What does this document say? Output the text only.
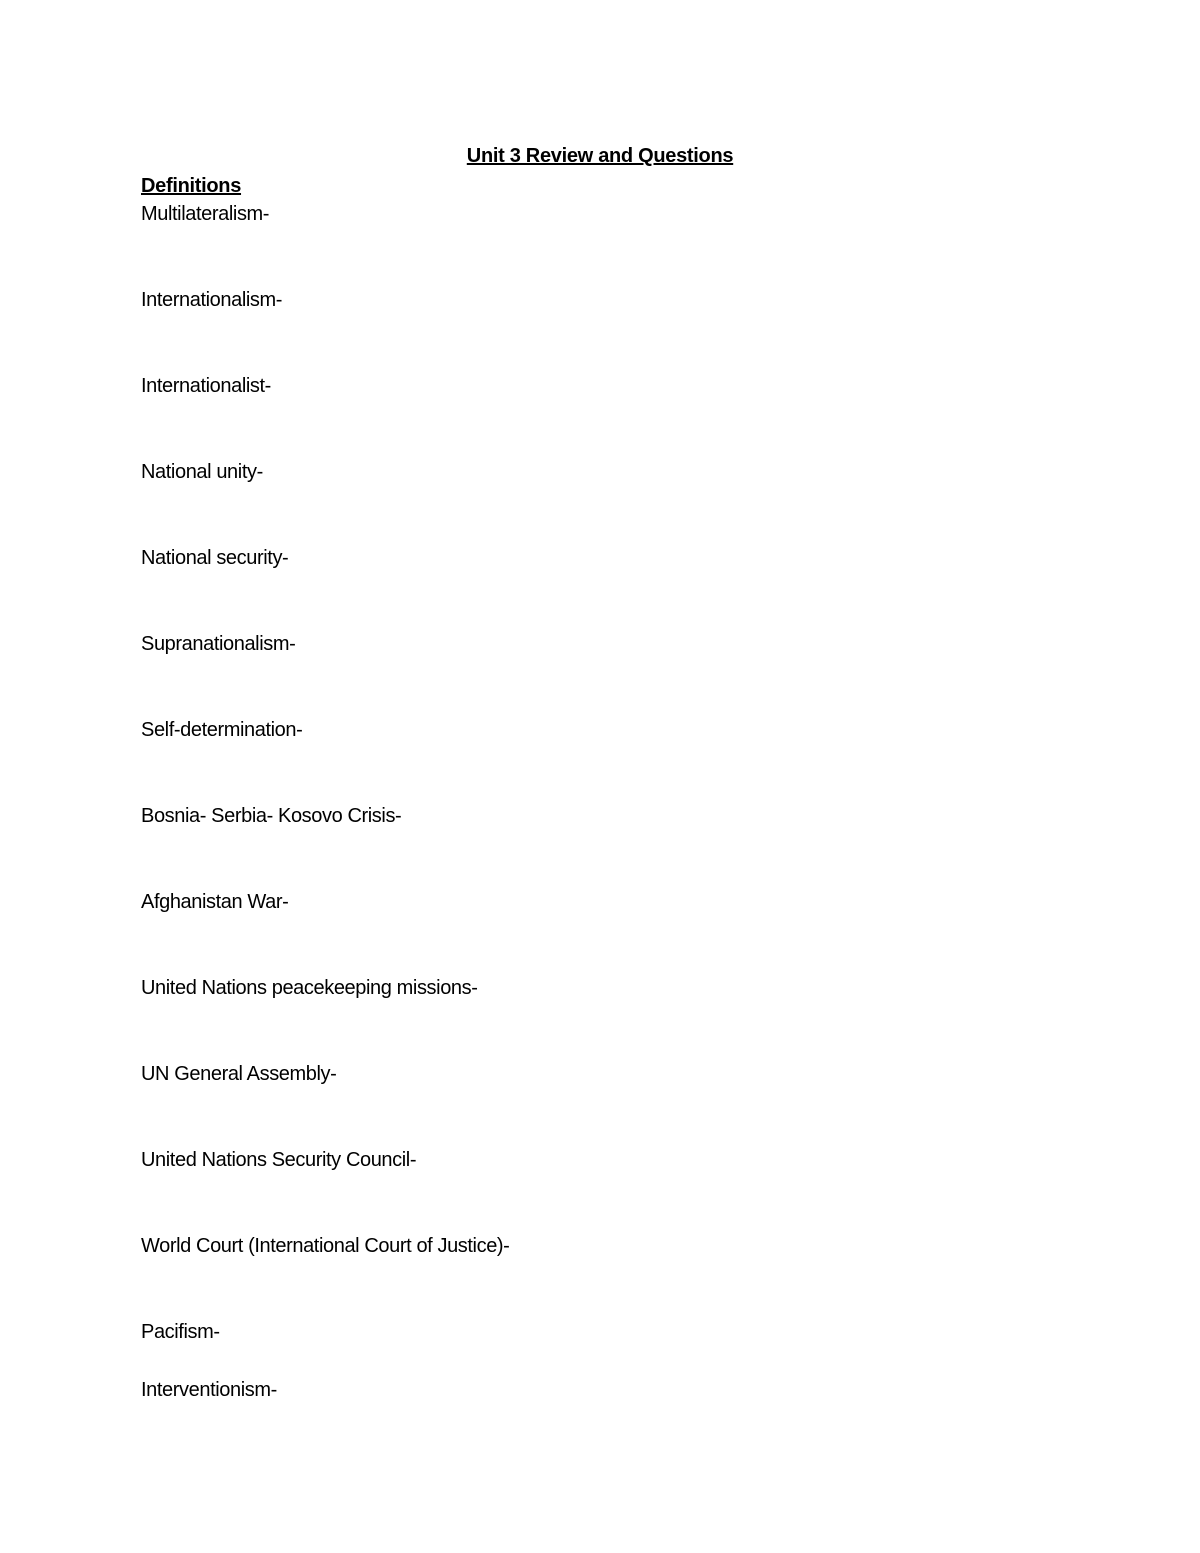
Unit 3 Review and Questions
Definitions
Multilateralism-
Internationalism-
Internationalist-
National unity-
National security-
Supranationalism-
Self-determination-
Bosnia- Serbia- Kosovo Crisis-
Afghanistan War-
United Nations peacekeeping missions-
UN General Assembly-
United Nations Security Council-
World Court (International Court of Justice)-
Pacifism-
Interventionism-
